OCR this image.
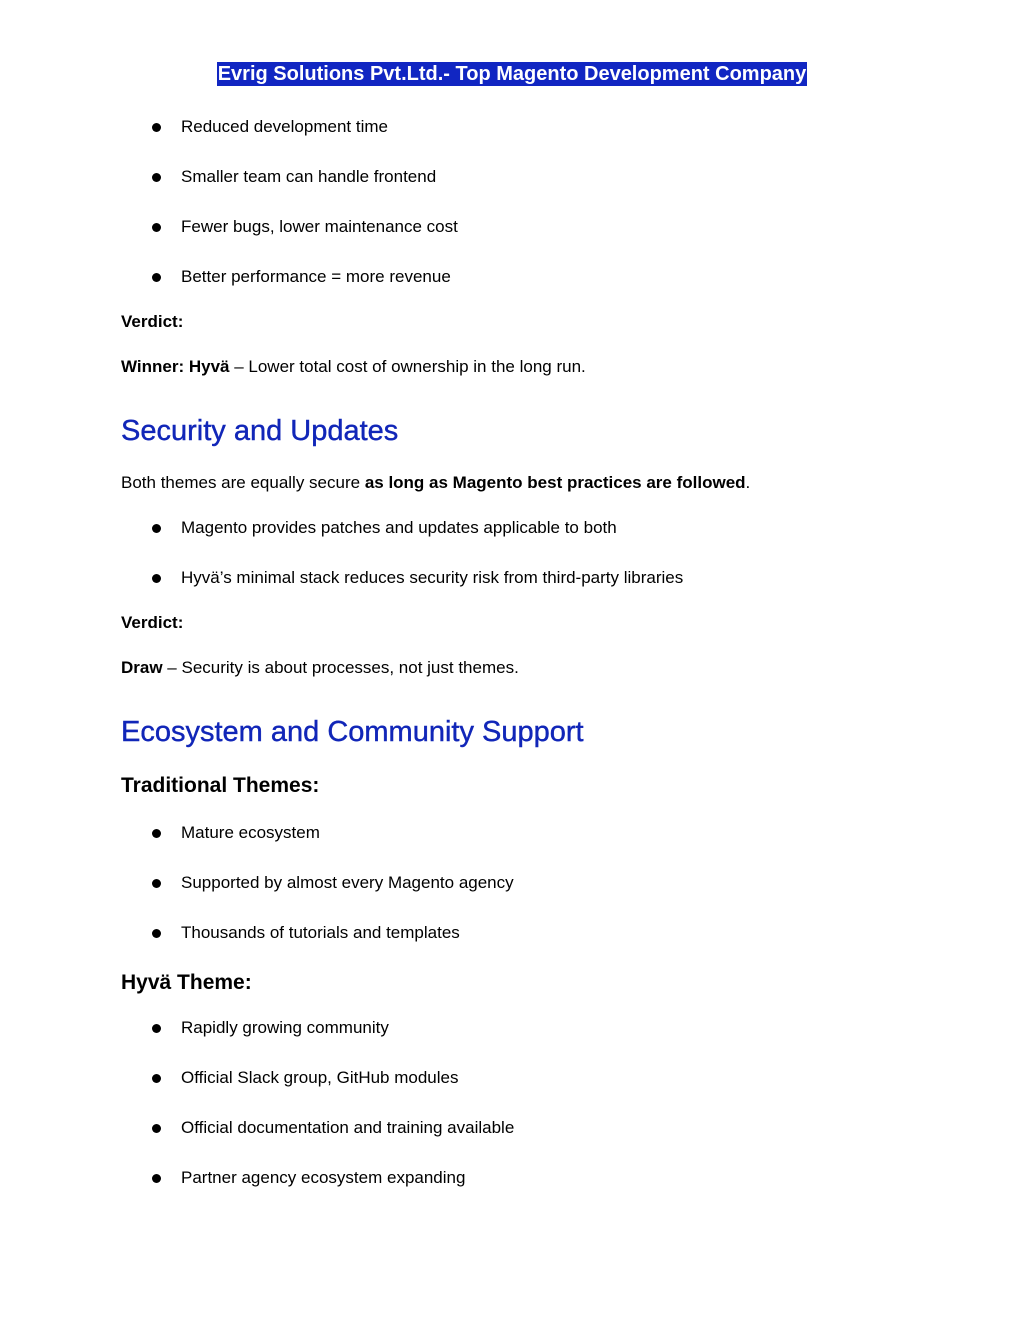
Evrig Solutions Pvt.Ltd.- Top Magento Development Company
Reduced development time
Smaller team can handle frontend
Fewer bugs, lower maintenance cost
Better performance = more revenue

Verdict:

Winner: Hyvä – Lower total cost of ownership in the long run.

Security and Updates

Both themes are equally secure as long as Magento best practices are followed.

Magento provides patches and updates applicable to both
Hyvä’s minimal stack reduces security risk from third-party libraries

Verdict:

Draw – Security is about processes, not just themes.

Ecosystem and Community Support
Traditional Themes:
Mature ecosystem
Supported by almost every Magento agency
Thousands of tutorials and templates
Hyvä Theme:
Rapidly growing community
Official Slack group, GitHub modules
Official documentation and training available
Partner agency ecosystem expanding
